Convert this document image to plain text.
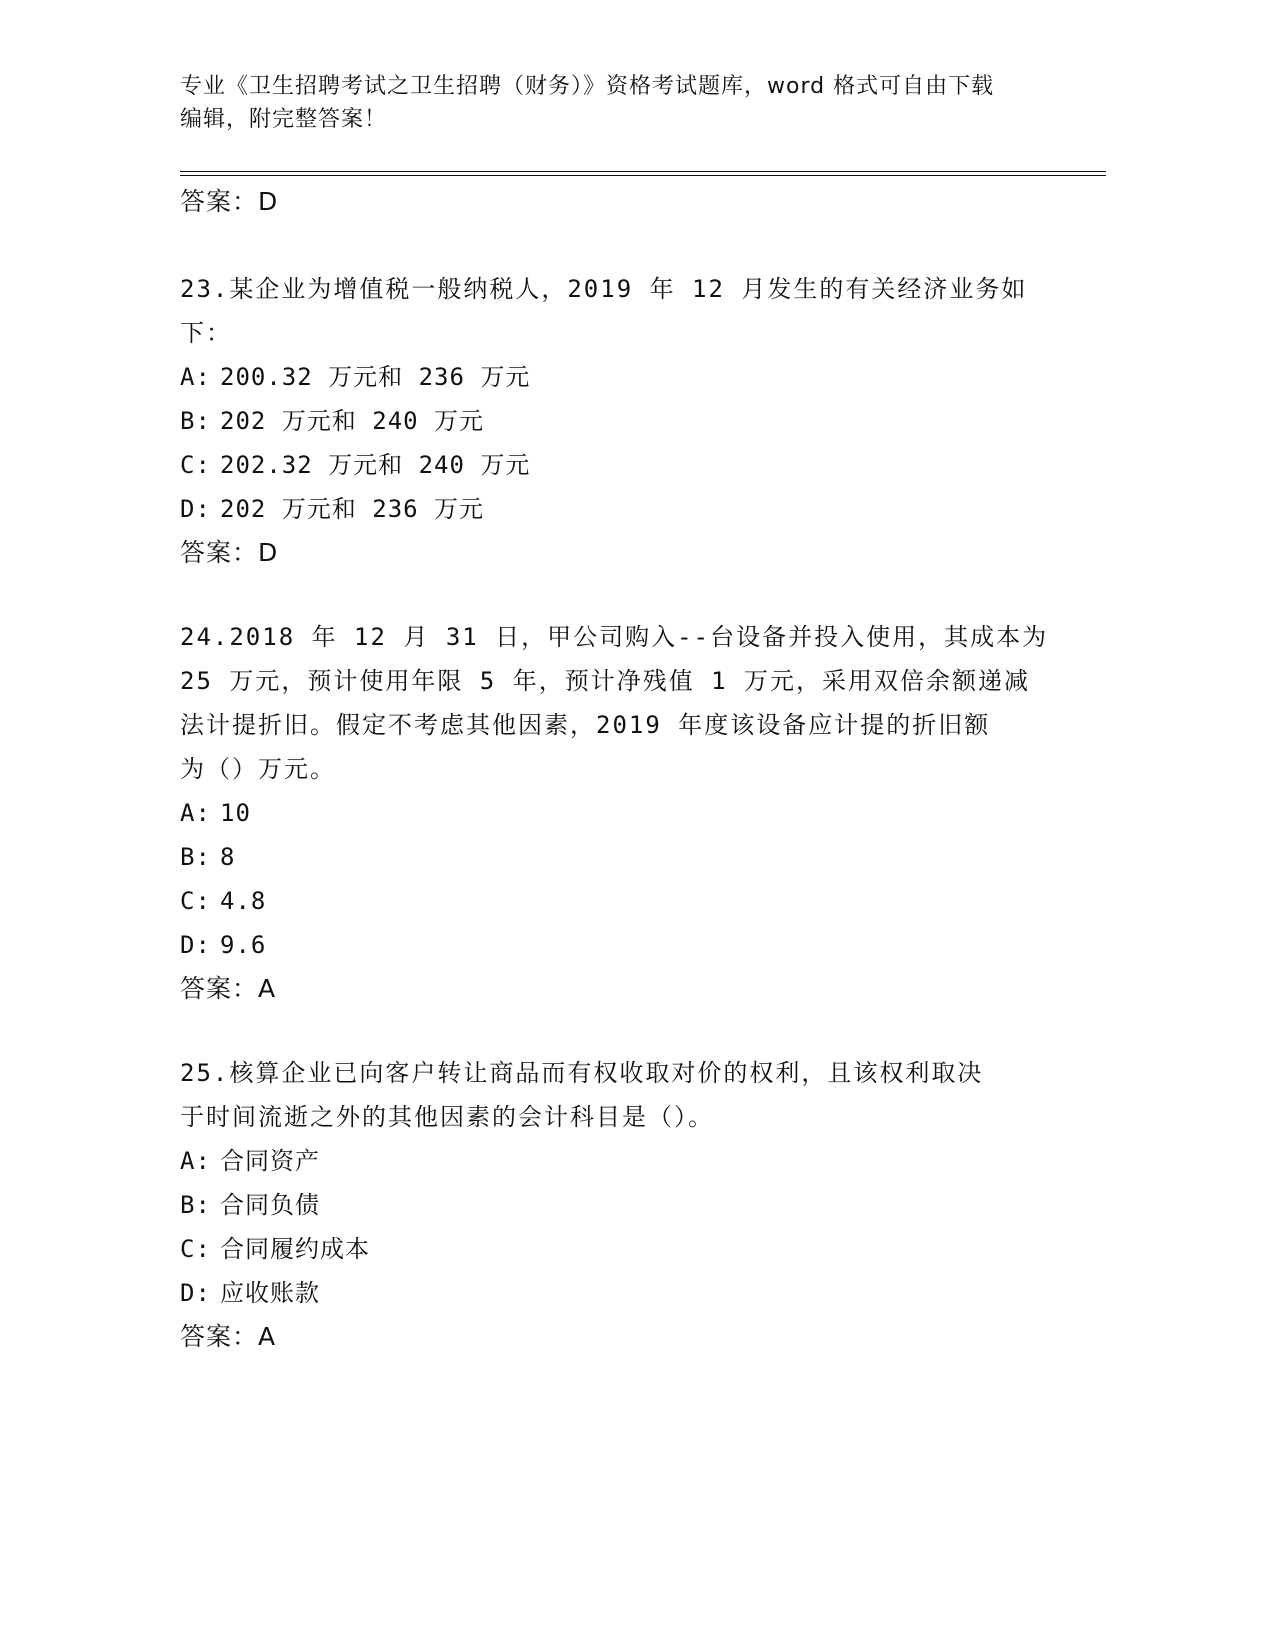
专业《卫生招聘考试之卫生招聘（财务）》资格考试题库，word 格式可自由下载
编辑，附完整答案！
答案：D
23.某企业为增值税一般纳税人，2019 年 12 月发生的有关经济业务如
下：
A: 200.32 万元和 236 万元
B: 202 万元和 240 万元
C: 202.32 万元和 240 万元
D: 202 万元和 236 万元
答案：D
24.2018 年 12 月 31 日，甲公司购入--台设备并投入使用，其成本为
25 万元，预计使用年限 5 年，预计净残值 1 万元，采用双倍余额递减
法计提折旧。假定不考虑其他因素，2019 年度该设备应计提的折旧额
为（）万元。
A: 10
B: 8
C: 4.8
D: 9.6
答案：A
25.核算企业已向客户转让商品而有权收取对价的权利，且该权利取决
于时间流逝之外的其他因素的会计科目是（）。
A: 合同资产
B: 合同负债
C: 合同履约成本
D: 应收账款
答案：A
